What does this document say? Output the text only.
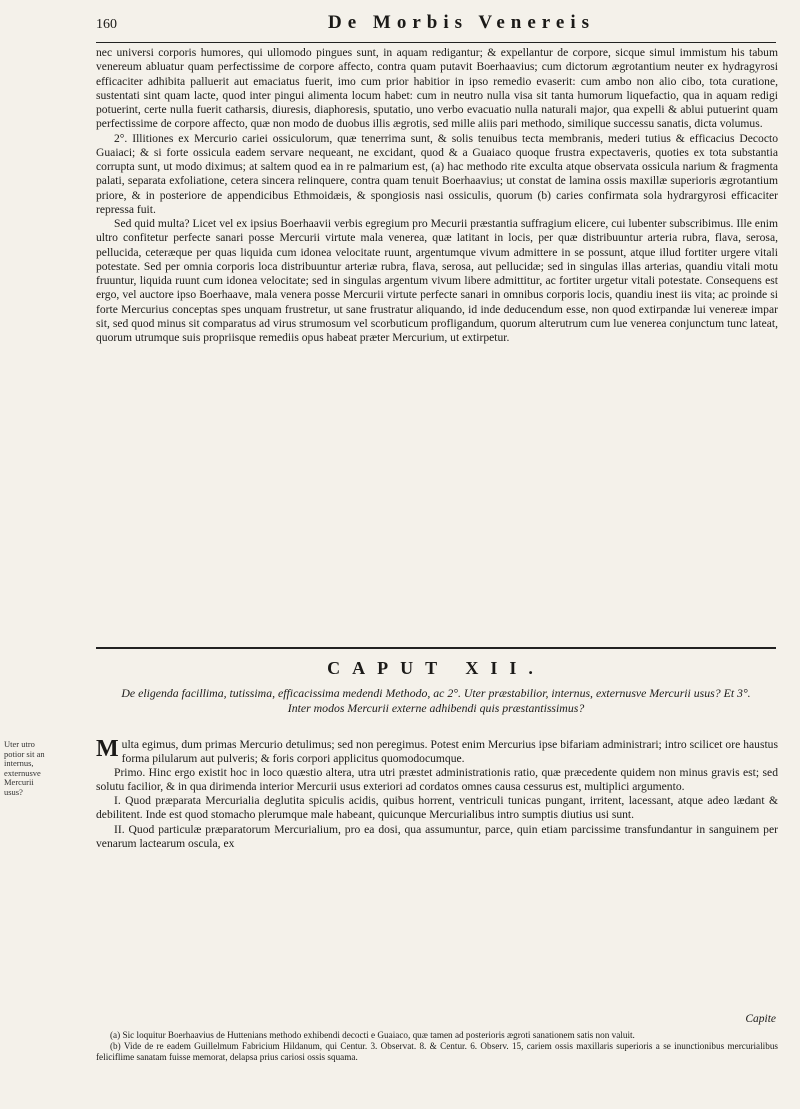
160	De Morbis Venereis

nec universi corporis humores, qui ullomodo pingues sunt, in aquam redigantur; & expellantur de corpore, sicque simul immistum his tabum venereum abluatur quam perfectissime de corpore affecto, contra quam putavit Boerhaavius; cum dictorum ægrotantium neuter ex hydragyrosi efficaciter adhibita palluerit aut emaciatus fuerit, imo cum prior habitior in ipso remedio evaserit: cum ambo non alio cibo, tota curatione, sustentati sint quam lacte, quod inter pingui alimenta locum habet: cum in neutro nulla visa sit tanta humorum liquefactio, qua in aquam redigi potuerint, certe nulla fuerit catharsis, diuresis, diaphoresis, sputatio, uno verbo evacuatio nulla naturali major, qua expelli & ablui putuerint quam perfectissime de corpore affecto, quæ non modo de duobus illis ægrotis, sed mille aliis pari methodo, similique successu sanatis, dicta volumus.

2°. Illitiones ex Mercurio cariei ossiculorum, quæ tenerrima sunt, & solis tenuibus tecta membranis, mederi tutius & efficacius Decocto Guaiaci; & si forte ossicula eadem servare nequeant, ne excidant, quod & a Guaiaco quoque frustra expectaveris, quoties ex tota substantia corrupta sunt, ut modo diximus; at saltem quod ea in re palmarium est, (a) hac methodo rite exculta atque observata ossicula narium & fragmenta palati, separata exfoliatione, cetera sincera relinquere, contra quam tenuit Boerhaavius; ut constat de lamina ossis maxillæ superioris ægrotantium priore, & in posteriore de appendicibus Ethmoidæis, & spongiosis nasi ossiculis, quorum (b) caries confirmata sola hydrargyrosi efficaciter repressa fuit.

Sed quid multa? Licet vel ex ipsius Boerhaavii verbis egregium pro Mecurii præstantia suffragium elicere, cui lubenter subscribimus. Ille enim ultro confitetur perfecte sanari posse Mercurii virtute mala venerea, quæ latitant in locis, per quæ distribuuntur arteria rubra, flava, serosa, pellucida, ceteræque per quas liquida cum idonea velocitate ruunt, argentumque vivum admittere in se possunt, atque illud fortiter urgere vitali potestate. Sed per omnia corporis loca distribuuntur arteriæ rubra, flava, serosa, aut pellucidæ; sed in singulas illas arterias, quandiu vitali motu fruuntur, liquida ruunt cum idonea velocitate; sed in singulas argentum vivum libere admittitur, ac fortiter urgetur vitali potestate. Consequens est ergo, vel auctore ipso Boerhaave, mala venera posse Mercurii virtute perfecte sanari in omnibus corporis locis, quandiu inest iis vita; ac proinde si forte Mercurius conceptas spes unquam frustretur, ut sane frustratur aliquando, id inde deducendum esse, non quod extirpandæ lui venereæ impar sit, sed quod minus sit comparatus ad virus strumosum vel scorbuticum profligandum, quorum alterutrum cum lue venerea conjunctum tunc lateat, quorum utrumque suis propriisque remediis opus habeat præter Mercurium, ut extirpetur.

CAPUT XII.
De eligenda facillima, tutissima, efficacissima medendi Methodo, ac 2°. Uter præstabilior, internus, externusve Mercurii usus? Et 3°. Inter modos Mercurii externe adhibendi quis præstantissimus?
Uter utro potior sit an internus, externusve Mercurii usus?

Multa egimus, dum primas Mercurio detulimus; sed non peregimus. Potest enim Mercurius ipse bifariam administrari; intro scilicet ore haustus forma pilularum aut pulveris; & foris corpori applicitus quomodocumque.

Primo. Hinc ergo existit hoc in loco quæstio altera, utra utri præstet administrationis ratio, quæ præcedente quidem non minus gravis est; sed solutu facilior, & in qua dirimenda interior Mercurii usus exteriori ad cordatos omnes causa cessurus est, multiplici argumento.

I. Quod præparata Mercurialia deglutita spiculis acidis, quibus horrent, ventriculi tunicas pungant, irritent, lacessant, atque adeo lædant & debilitent. Inde est quod stomacho plerumque male habeant, quicunque Mercurialibus intro sumptis diutius usi sunt.

II. Quod particulæ præparatorum Mercurialium, pro ea dosi, qua assumuntur, parce, quin etiam parcissime transfundantur in sanguinem per venarum lactearum oscula, ex

Capite

(a) Sic loquitur Boerhaavius de Huttenians methodo exhibendi decocti e Guaiaco, quæ tamen ad posterioris ægroti sanationem satis non valuit.

(b) Vide de re eadem Guillelmum Fabricium Hildanum, qui Centur. 3. Observat. 8. & Centur. 6. Observ. 15, cariem ossis maxillaris superioris a se inunctionibus mercurialibus feliciflime sanatam fuisse memorat, delapsa prius cariosi ossis squama.
